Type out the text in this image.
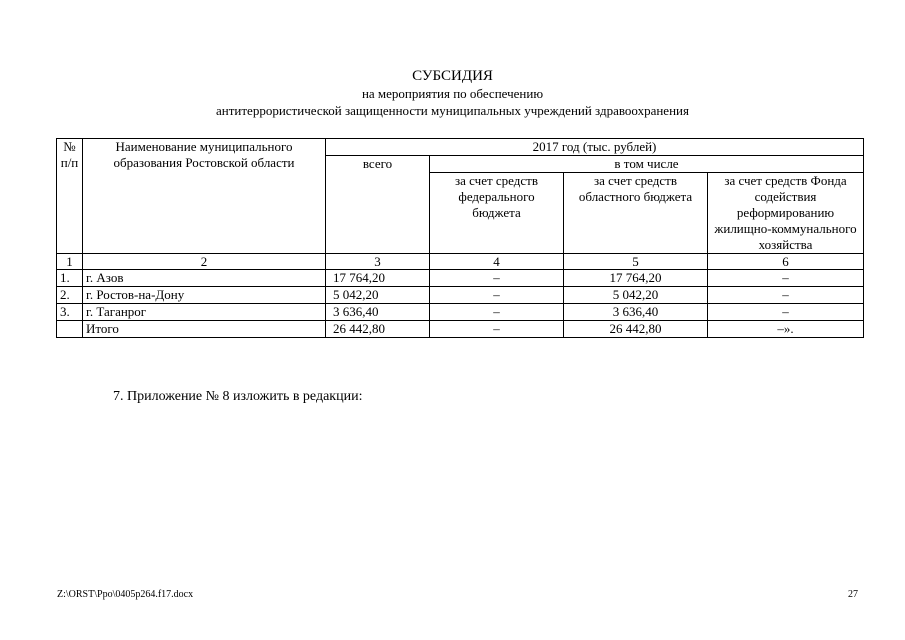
СУБСИДИЯ
на мероприятия по обеспечению
антитеррористической защищенности муниципальных учреждений здравоохранения
№ п/п	Наименование муниципального образования Ростовской области	2017 год (тыс. рублей)			
		всего	в том числе		
			за счет средств федерального бюджета	за счет средств областного бюджета	за счет средств Фонда содействия реформированию жилищно-коммунального хозяйства
1	2	3	4	5	6
1.	г. Азов	17 764,20	–	17 764,20	–
2.	г. Ростов-на-Дону	5 042,20	–	5 042,20	–
3.	г. Таганрог	3 636,40	–	3 636,40	–
	Итого	26 442,80	–	26 442,80	–».
7. Приложение № 8 изложить в редакции:
Z:\ORST\Ppo\0405p264.f17.docx	27
